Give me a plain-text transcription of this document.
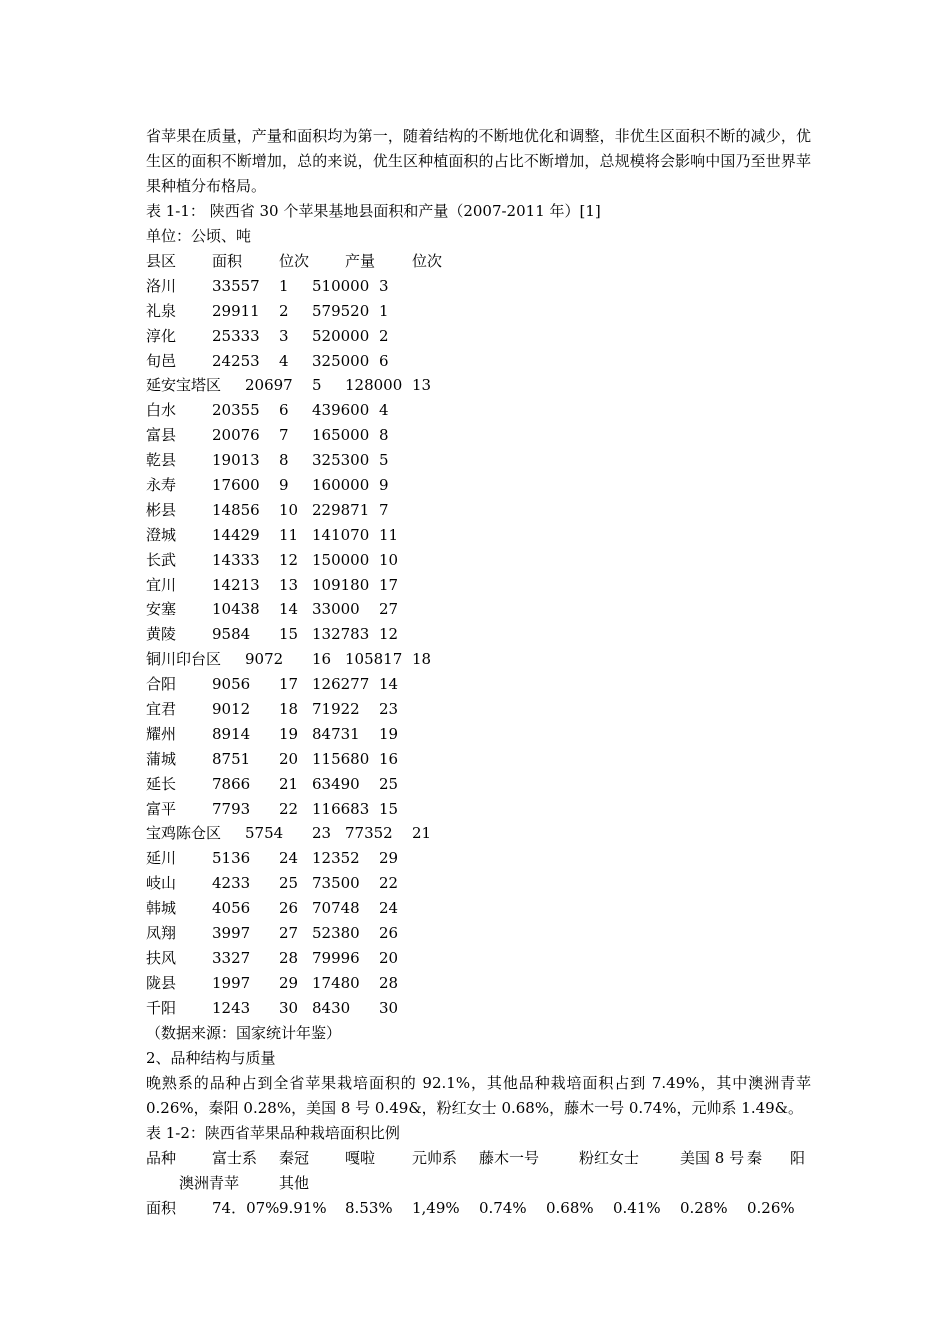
省苹果在质量，产量和面积均为第一，随着结构的不断地优化和调整，非优生区面积不断的减少，优生区的面积不断增加，总的来说，优生区种植面积的占比不断增加，总规模将会影响中国乃至世界苹果种植分布格局。
表 1-1： 陕西省 30 个苹果基地县面积和产量（2007-2011 年）[1]
单位：公顷、吨
县区 面积 位次 产量 位次
洛川 33557 1 510000 3
礼泉 29911 2 579520 1
淳化 25333 3 520000 2
旬邑 24253 4 325000 6
延安宝塔区 20697 5 128000 13
白水 20355 6 439600 4
富县 20076 7 165000 8
乾县 19013 8 325300 5
永寿 17600 9 160000 9
彬县 14856 10 229871 7
澄城 14429 11 141070 11
长武 14333 12 150000 10
宜川 14213 13 109180 17
安塞 10438 14 33000 27
黄陵 9584 15 132783 12
铜川印台区 9072 16 105817 18
合阳 9056 17 126277 14
宜君 9012 18 71922 23
耀州 8914 19 84731 19
蒲城 8751 20 115680 16
延长 7866 21 63490 25
富平 7793 22 116683 15
宝鸡陈仓区 5754 23 77352 21
延川 5136 24 12352 29
岐山 4233 25 73500 22
韩城 4056 26 70748 24
凤翔 3997 27 52380 26
扶风 3327 28 79996 20
陇县 1997 29 17480 28
千阳 1243 30 8430 30
（数据来源：国家统计年鉴）
2、品种结构与质量
晚熟系的品种占到全省苹果栽培面积的 92.1%，其他品种栽培面积占到 7.49%，其中澳洲青苹 0.26%，秦阳 0.28%，美国 8 号 0.49&，粉红女士 0.68%，藤木一号 0.74%，元帅系 1.49&。
表 1-2：陕西省苹果品种栽培面积比例
品种 富士系 秦冠 嘎啦 元帅系 藤木一号	粉红女士	美国 8 号 秦 阳
澳洲青苹	其他
面积 74．07% 9.91% 8.53% 1,49% 0.74% 0.68% 0.41% 0.28% 0.26%
